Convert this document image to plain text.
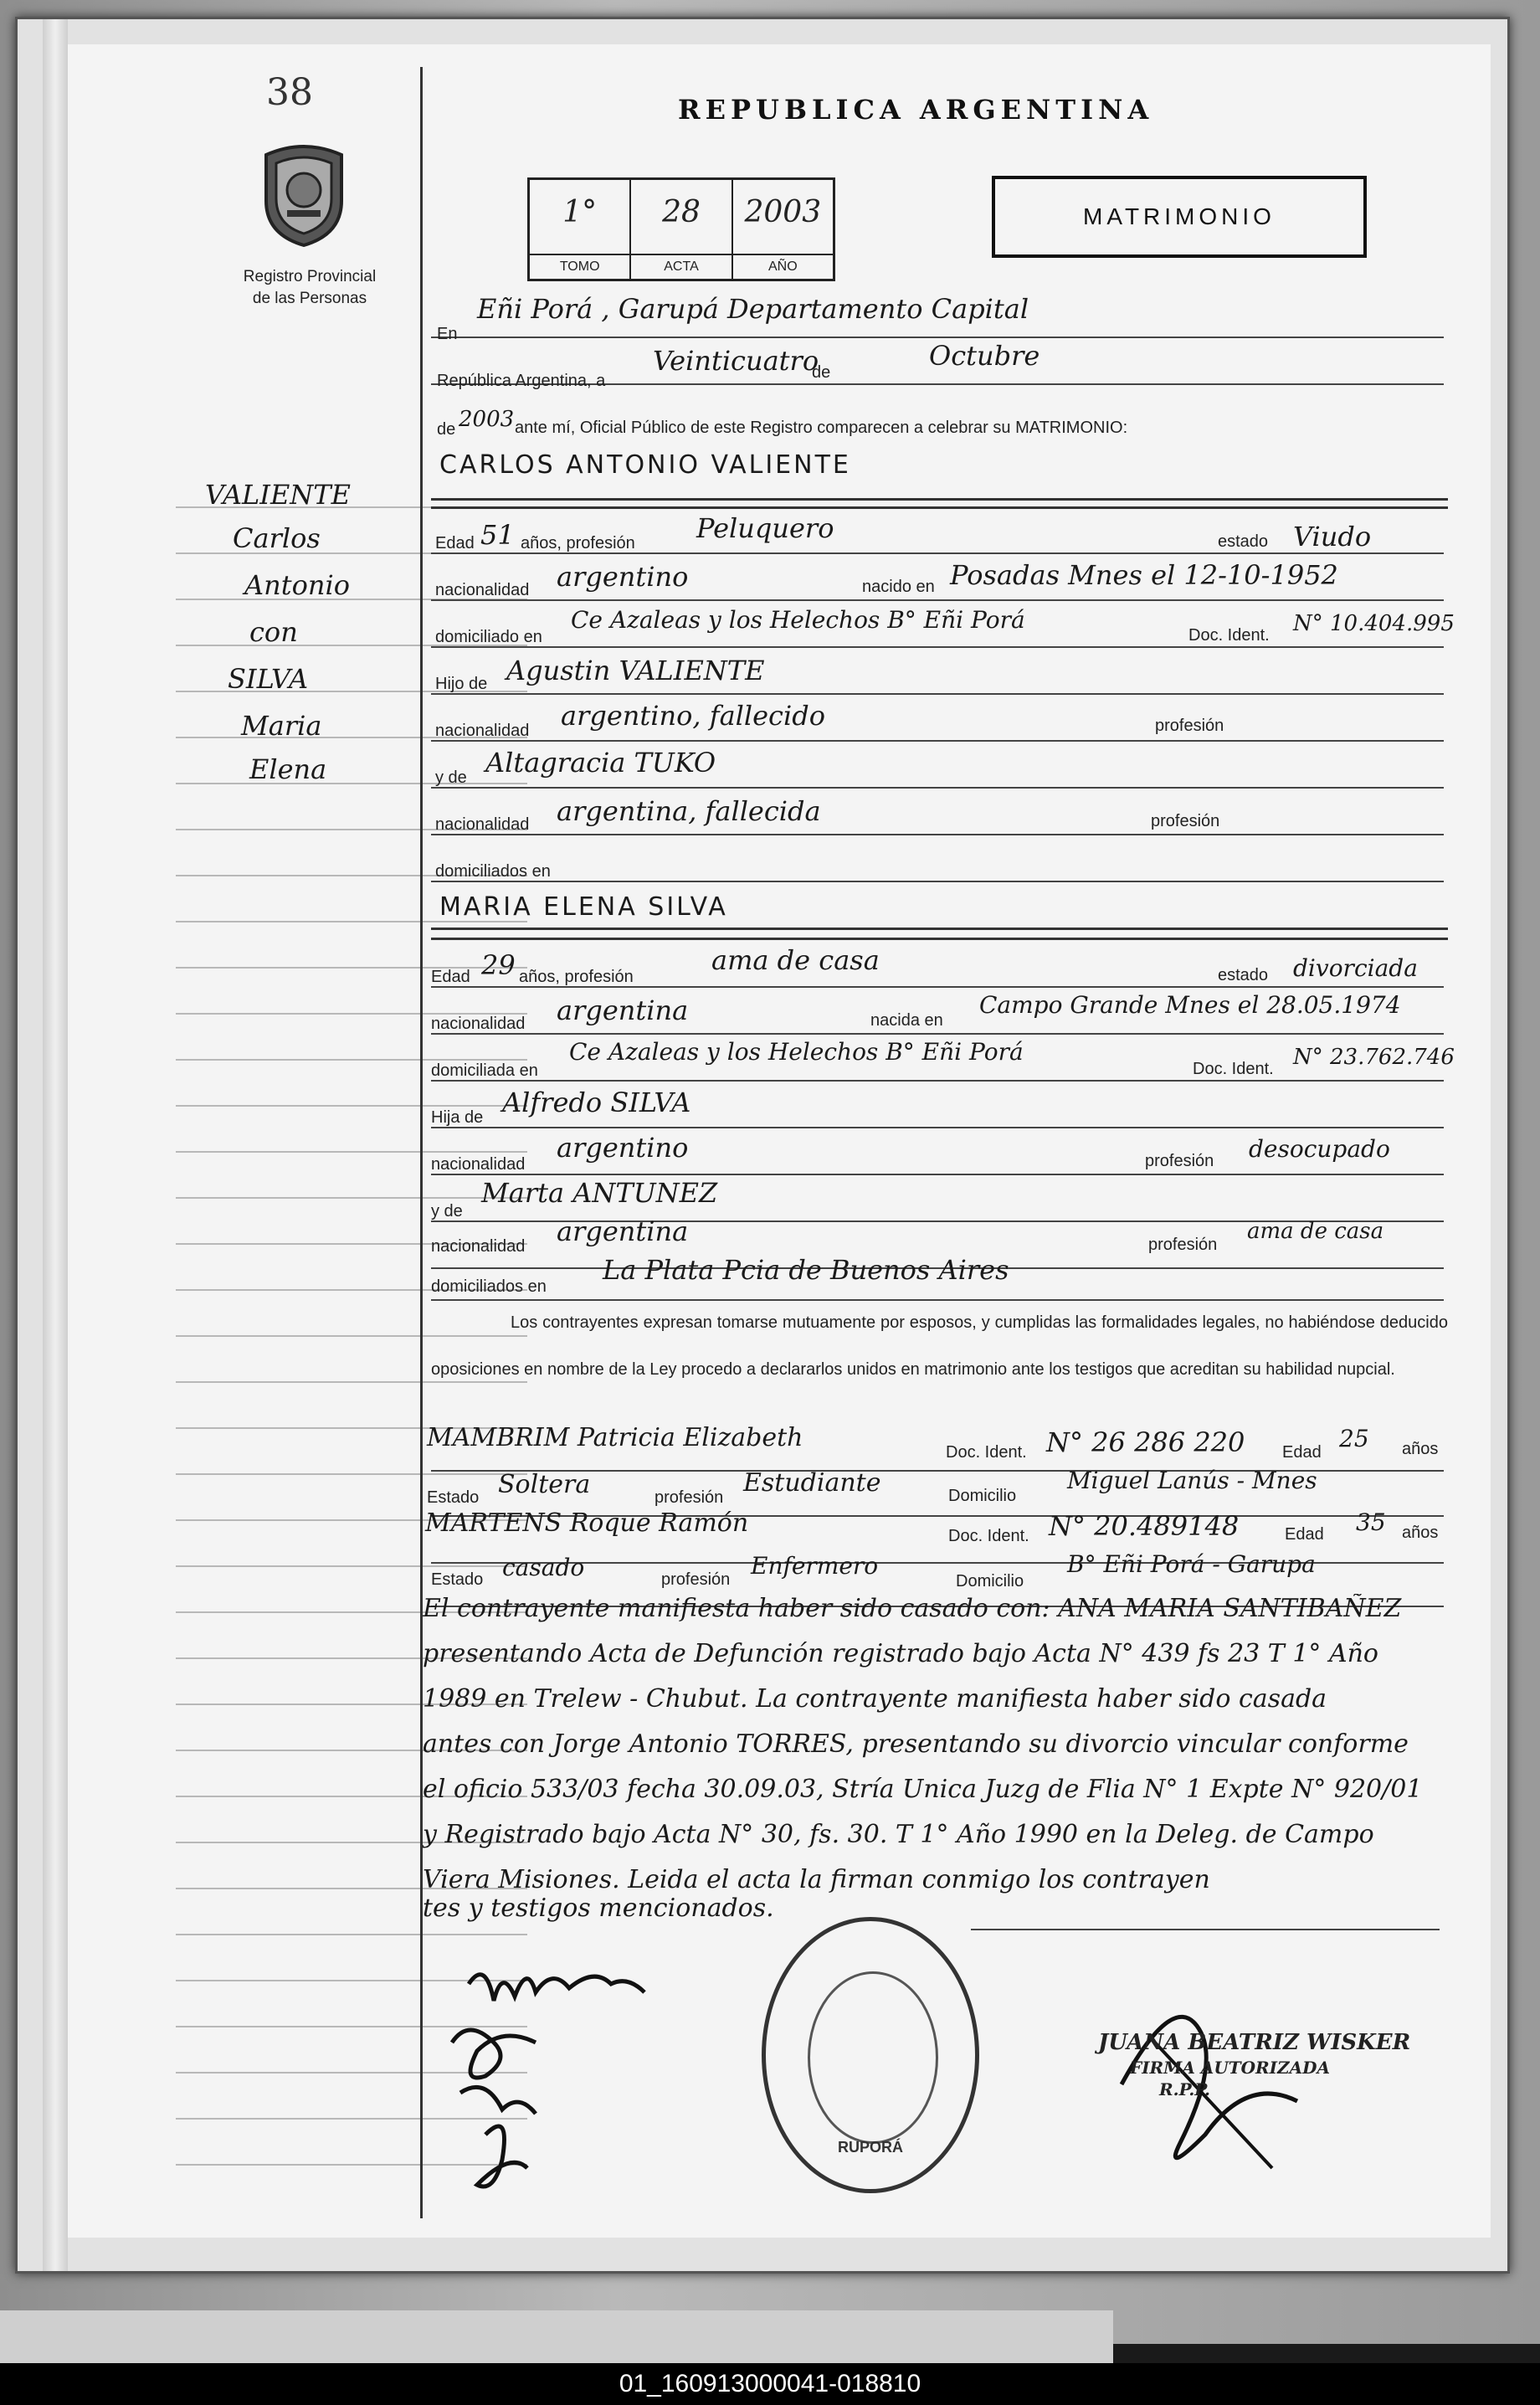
38
Registro Provincial
de las Personas
REPUBLICA ARGENTINA
1°
TOMO
28
ACTA
2003
AÑO
MATRIMONIO
En
Eñi Porá , Garupá Departamento Capital
República Argentina, a
Veinticuatro
de
Octubre
de 2003 ante mí, Oficial Público de este Registro comparecen a celebrar su MATRIMONIO:
CARLOS ANTONIO VALIENTE
VALIENTE
Carlos
Antonio
con
SILVA
Maria
Elena
Edad 51 años, profesión Peluquero	estado Viudo
nacionalidad argentino	nacido en Posadas Mnes el 12-10-1952
domiciliado en
Ce Azaleas y los Helechos B° Eñi Porá
Doc. Ident. N° 10.404.995
Hijo de Agustin VALIENTE
nacionalidad argentino, fallecido	profesión
y de Altagracia TUKO
nacionalidad argentina, fallecida	profesión
domiciliados en
MARIA ELENA SILVA
Edad 29 años, profesión
ama de casa	estado divorciada
nacionalidad argentina	nacida en
Campo Grande Mnes el 28.05.1974
domiciliada en
Ce Azaleas y los Helechos B° Eñi Porá
Doc. Ident. N° 23.762.746
Hija de Alfredo SILVA
nacionalidad
argentino	profesión desocupado
y de
Marta ANTUNEZ
nacionalidad argentina	profesión
ama de casa
domiciliados en
La Plata Pcia de Buenos Aires
Los contrayentes expresan tomarse mutuamente por esposos, y cumplidas las formalidades legales, no habiéndose deducido oposiciones en nombre de la Ley procedo a declararlos unidos en matrimonio ante los testigos que acreditan su habilidad nupcial.
MAMBRIM Patricia Elizabeth	Doc. Ident. N° 26 286 220 Edad 25 años
Estado Soltera	profesión Estudiante	Domicilio
Miguel Lanús - Mnes
MARTENS Roque Ramón	Doc. Ident. N° 20.489148	Edad 35 años
Estado casado	profesión Enfermero
Domicilio
B° Eñi Porá - Garupa
El contrayente manifiesta haber sido casado con: ANA MARIA SANTIBAÑEZ
presentando Acta de Defunción registrado bajo Acta N° 439 fs 23 T 1° Año
1989 en Trelew - Chubut. La contrayente manifiesta haber sido casada
antes con Jorge Antonio TORRES, presentando su divorcio vincular conforme
el oficio 533/03 fecha 30.09.03, Stría Unica Juzg de Flia N° 1 Expte N° 920/01
y Registrado bajo Acta N° 30, fs. 30. T 1° Año 1990 en la Deleg. de Campo
Viera Misiones. Leida el acta la firman conmigo los contrayen
tes y testigos mencionados.
RUPORÁ
JUANA BEATRIZ WISKER
FIRMA AUTORIZADA
R.P.P.
01_160913000041-018810
